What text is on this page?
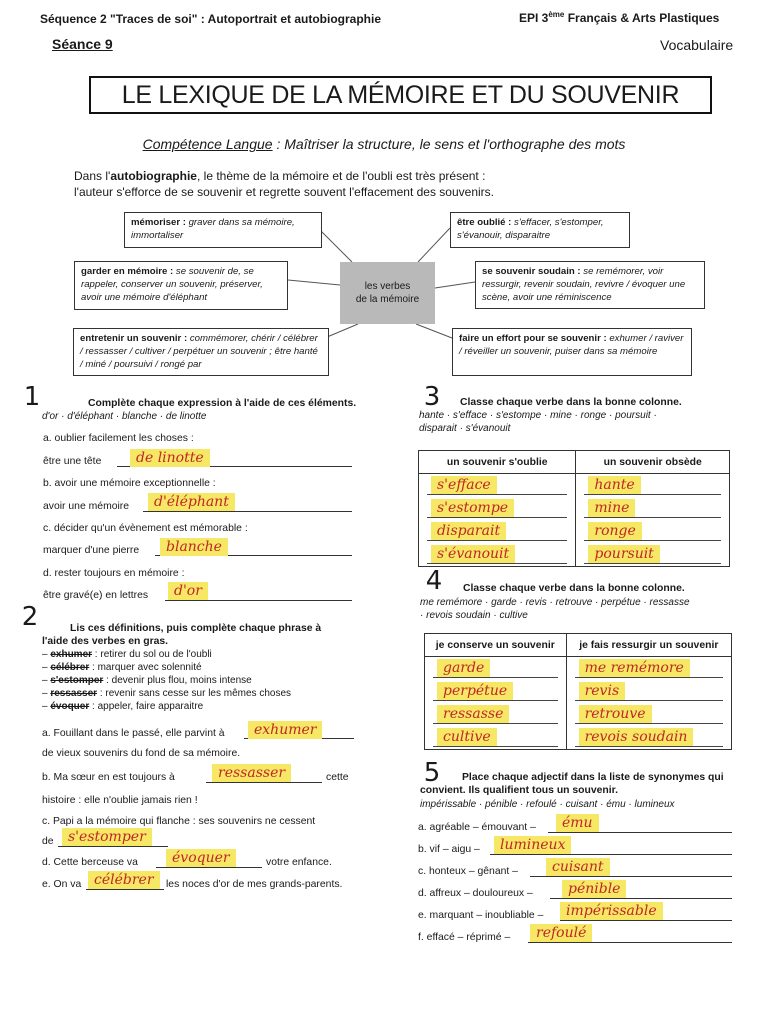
Séquence 2 "Traces de soi" : Autoportrait et autobiographie	EPI 3ème Français & Arts Plastiques
Séance 9	Vocabulaire
LE LEXIQUE DE LA MÉMOIRE ET DU SOUVENIR
Compétence Langue : Maîtriser la structure, le sens et l'orthographe des mots
Dans l'autobiographie, le thème de la mémoire et de l'oubli est très présent :
l'auteur s'efforce de se souvenir et regrette souvent l'effacement des souvenirs.
mémoriser : graver dans sa mémoire, immortaliser
garder en mémoire : se souvenir de, se rappeler, conserver un souvenir, préserver, avoir une mémoire d'éléphant
entretenir un souvenir : commémorer, chérir / célébrer / ressasser / cultiver / perpétuer un souvenir ; être hanté / miné / poursuivi / rongé par
être oublié : s'effacer, s'estomper, s'évanouir, disparaitre
se souvenir soudain : se remémorer, voir ressurgir, revenir soudain, revivre / évoquer une scène, avoir une réminiscence
faire un effort pour se souvenir : exhumer / raviver / réveiller un souvenir, puiser dans sa mémoire
les verbes
de la mémoire
1	Complète chaque expression à l'aide de ces éléments.
d'or · d'éléphant · blanche · de linotte
a. oublier facilement les choses :
être une tête	de linotte
b. avoir une mémoire exceptionnelle :
avoir une mémoire	d'éléphant
c. décider qu'un évènement est mémorable :
marquer d'une pierre	blanche
d. rester toujours en mémoire :
être gravé(e) en lettres	d'or
2	Lis ces définitions, puis complète chaque phrase à
l'aide des verbes en gras.
– exhumer : retirer du sol ou de l'oubli
– célébrer : marquer avec solennité
– s'estomper : devenir plus flou, moins intense
– ressasser : revenir sans cesse sur les mêmes choses
– évoquer : appeler, faire apparaitre
a. Fouillant dans le passé, elle parvint à	exhumer
de vieux souvenirs du fond de sa mémoire.
b. Ma sœur en est toujours à	ressasser	cette
histoire : elle n'oublie jamais rien !
c. Papi a la mémoire qui flanche : ses souvenirs ne cessent
de	s'estomper
d. Cette berceuse va	évoquer	votre enfance.
e. On va célébrer	les noces d'or de mes grands-parents.
3	Classe chaque verbe dans la bonne colonne.
hante · s'efface · s'estompe · mine · ronge · poursuit ·
disparait · s'évanouit
un souvenir s'oublie	un souvenir obsède

s'efface	hante

s'estompe	mine

disparait	ronge

s'évanouit	poursuit
4	Classe chaque verbe dans la bonne colonne.
me remémore · garde · revis · retrouve · perpétue · ressasse
· revois soudain · cultive
je conserve un souvenir	je fais ressurgir un souvenir

garde	me remémore

perpétue	revis

ressasse	retrouve

cultive	revois soudain
5	Place chaque adjectif dans la liste de synonymes qui
convient. Ils qualifient tous un souvenir.
impérissable · pénible · refoulé · cuisant · ému · lumineux
a. agréable – émouvant –	ému
b. vif – aigu –	lumineux
c. honteux – gênant –	cuisant
d. affreux – douloureux –	pénible
e. marquant – inoubliable –	impérissable
f. effacé – réprimé –	refoulé
